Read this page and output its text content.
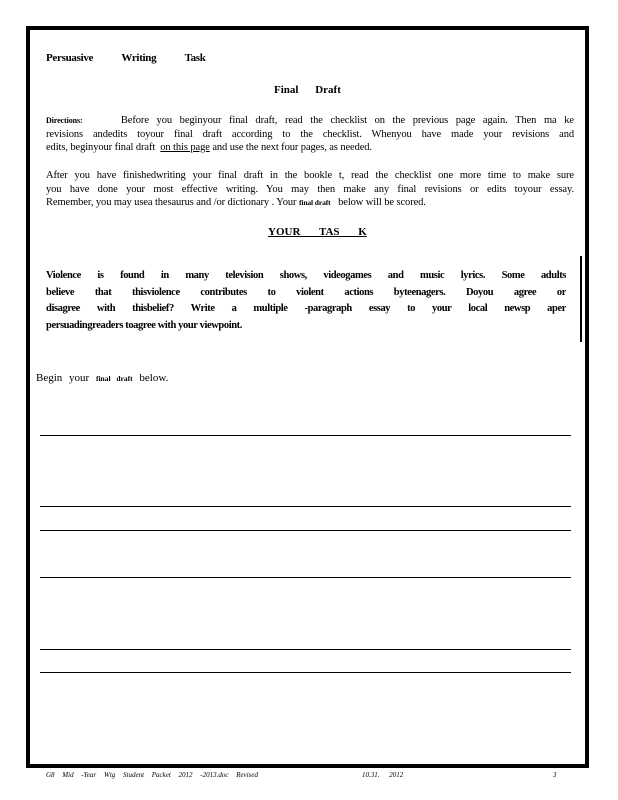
Persuasive Writing Task
Final Draft
Directions:	Before you beginyour final draft, read the checklist on the previous page again. Then ma ke
revisions andedits toyour final draft according to the checklist. Whenyou have made your revisions and
edits, beginyour final draft on this page and use the next four pages, as needed.
After you have finishedwriting your final draft in the bookle t, read the checklist one more time to make sure
you have done your most effective writing. You may then make any final revisions or edits toyour essay.
Remember, you may usea thesaurus and /or dictionary . Your final draft below will be scored.
YOUR TAS K
Violence is found in many television shows, videogames and music lyrics. Some adults
believe that thisviolence contributes to violent actions byteenagers. Doyou agree or
disagree with thisbelief? Write a multiple -paragraph essay to your local newsp aper
persuadingreaders toagree with your viewpoint.
Begin your final draft below.
G8 Mid -Year Wtg Student Packet 2012 -2013.doc Revised	10.31. 2012	3
